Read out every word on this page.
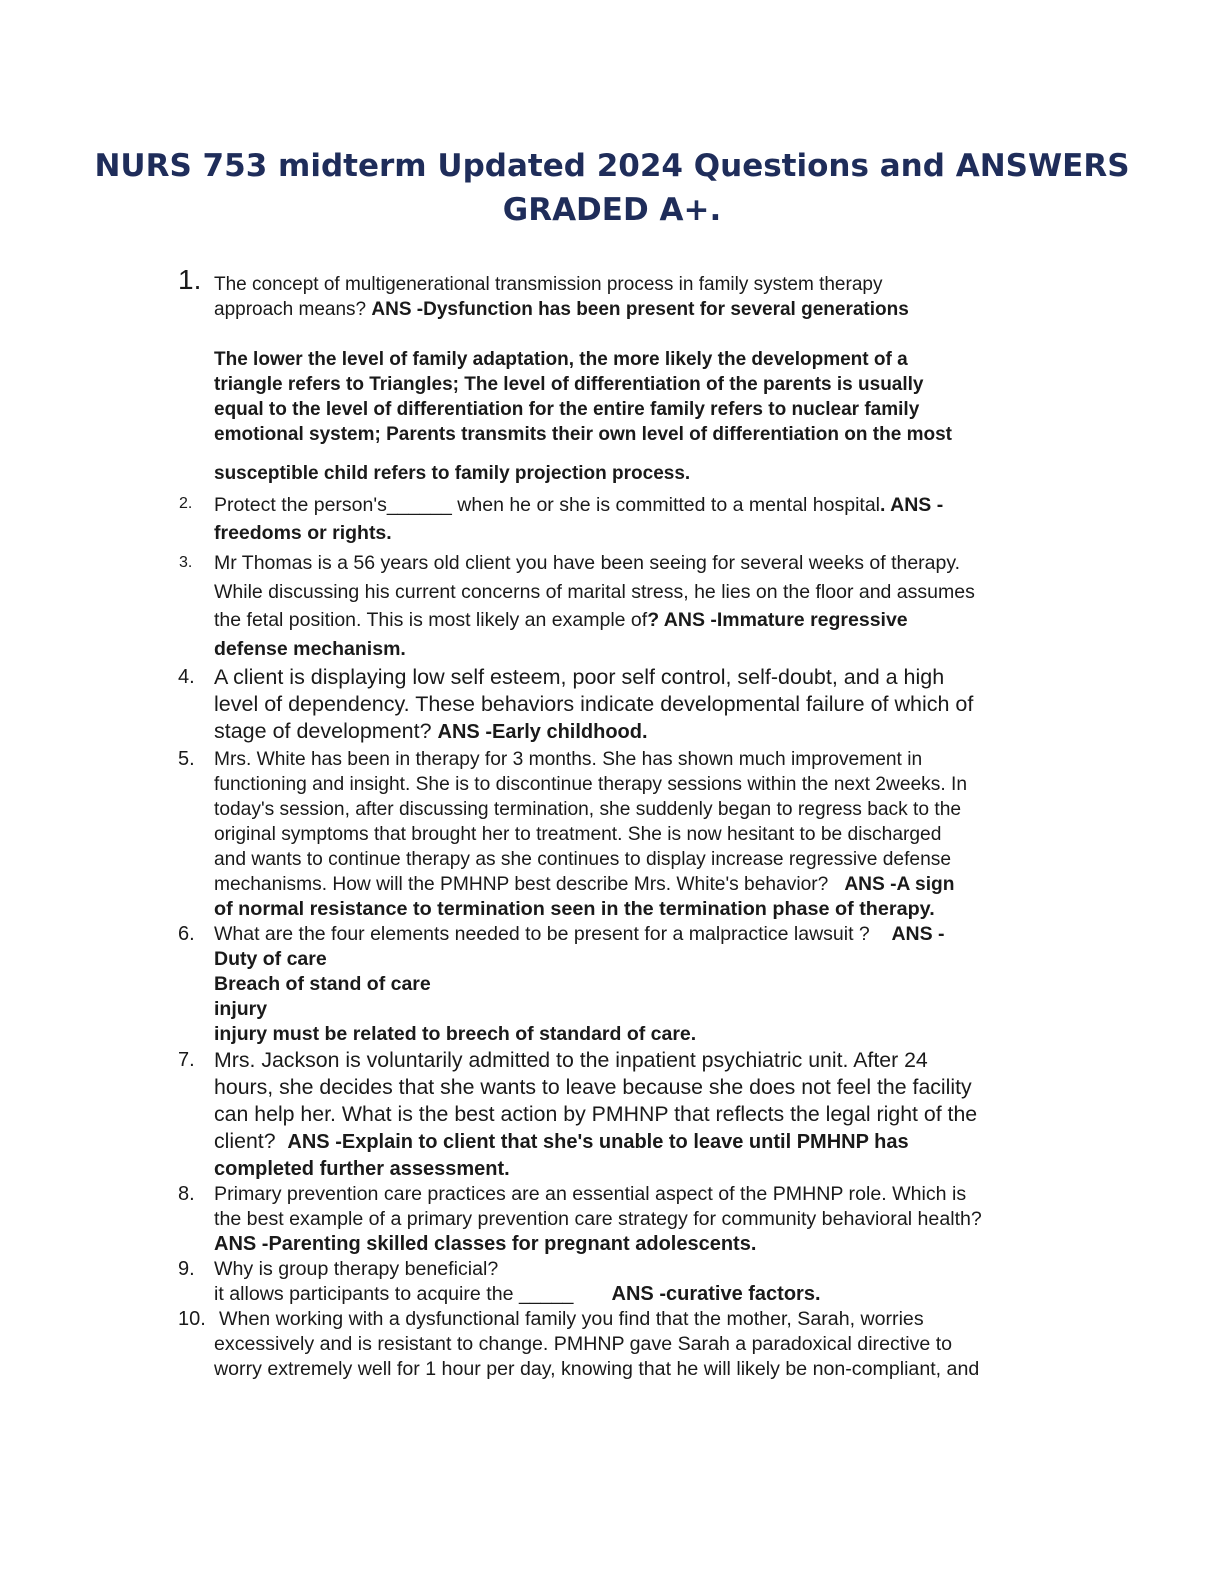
NURS 753 midterm Updated 2024 Questions and ANSWERS
GRADED A+.
1. The concept of multigenerational transmission process in family system therapy
approach means? ANS -Dysfunction has been present for several generations
The lower the level of family adaptation, the more likely the development of a
triangle refers to Triangles; The level of differentiation of the parents is usually
equal to the level of differentiation for the entire family refers to nuclear family
emotional system; Parents transmits their own level of differentiation on the most
susceptible child refers to family projection process.
2. Protect the person's______ when he or she is committed to a mental hospital. ANS -
freedoms or rights.
3. Mr Thomas is a 56 years old client you have been seeing for several weeks of therapy.
While discussing his current concerns of marital stress, he lies on the floor and assumes
the fetal position. This is most likely an example of? ANS -Immature regressive
defense mechanism.
4. A client is displaying low self esteem, poor self control, self-doubt, and a high
level of dependency. These behaviors indicate developmental failure of which of
stage of development? ANS -Early childhood.
5. Mrs. White has been in therapy for 3 months. She has shown much improvement in
functioning and insight. She is to discontinue therapy sessions within the next 2weeks. In
today's session, after discussing termination, she suddenly began to regress back to the
original symptoms that brought her to treatment. She is now hesitant to be discharged
and wants to continue therapy as she continues to display increase regressive defense
mechanisms. How will the PMHNP best describe Mrs. White's behavior? ANS -A sign
of normal resistance to termination seen in the termination phase of therapy.
6. What are the four elements needed to be present for a malpractice lawsuit ? ANS -
Duty of care
Breach of stand of care
injury
injury must be related to breech of standard of care.
7. Mrs. Jackson is voluntarily admitted to the inpatient psychiatric unit. After 24
hours, she decides that she wants to leave because she does not feel the facility
can help her. What is the best action by PMHNP that reflects the legal right of the
client? ANS -Explain to client that she's unable to leave until PMHNP has
completed further assessment.
8. Primary prevention care practices are an essential aspect of the PMHNP role. Which is
the best example of a primary prevention care strategy for community behavioral health?
ANS -Parenting skilled classes for pregnant adolescents.
9. Why is group therapy beneficial?
it allows participants to acquire the _____ ANS -curative factors.
10. When working with a dysfunctional family you find that the mother, Sarah, worries
excessively and is resistant to change. PMHNP gave Sarah a paradoxical directive to
worry extremely well for 1 hour per day, knowing that he will likely be non-compliant, and
